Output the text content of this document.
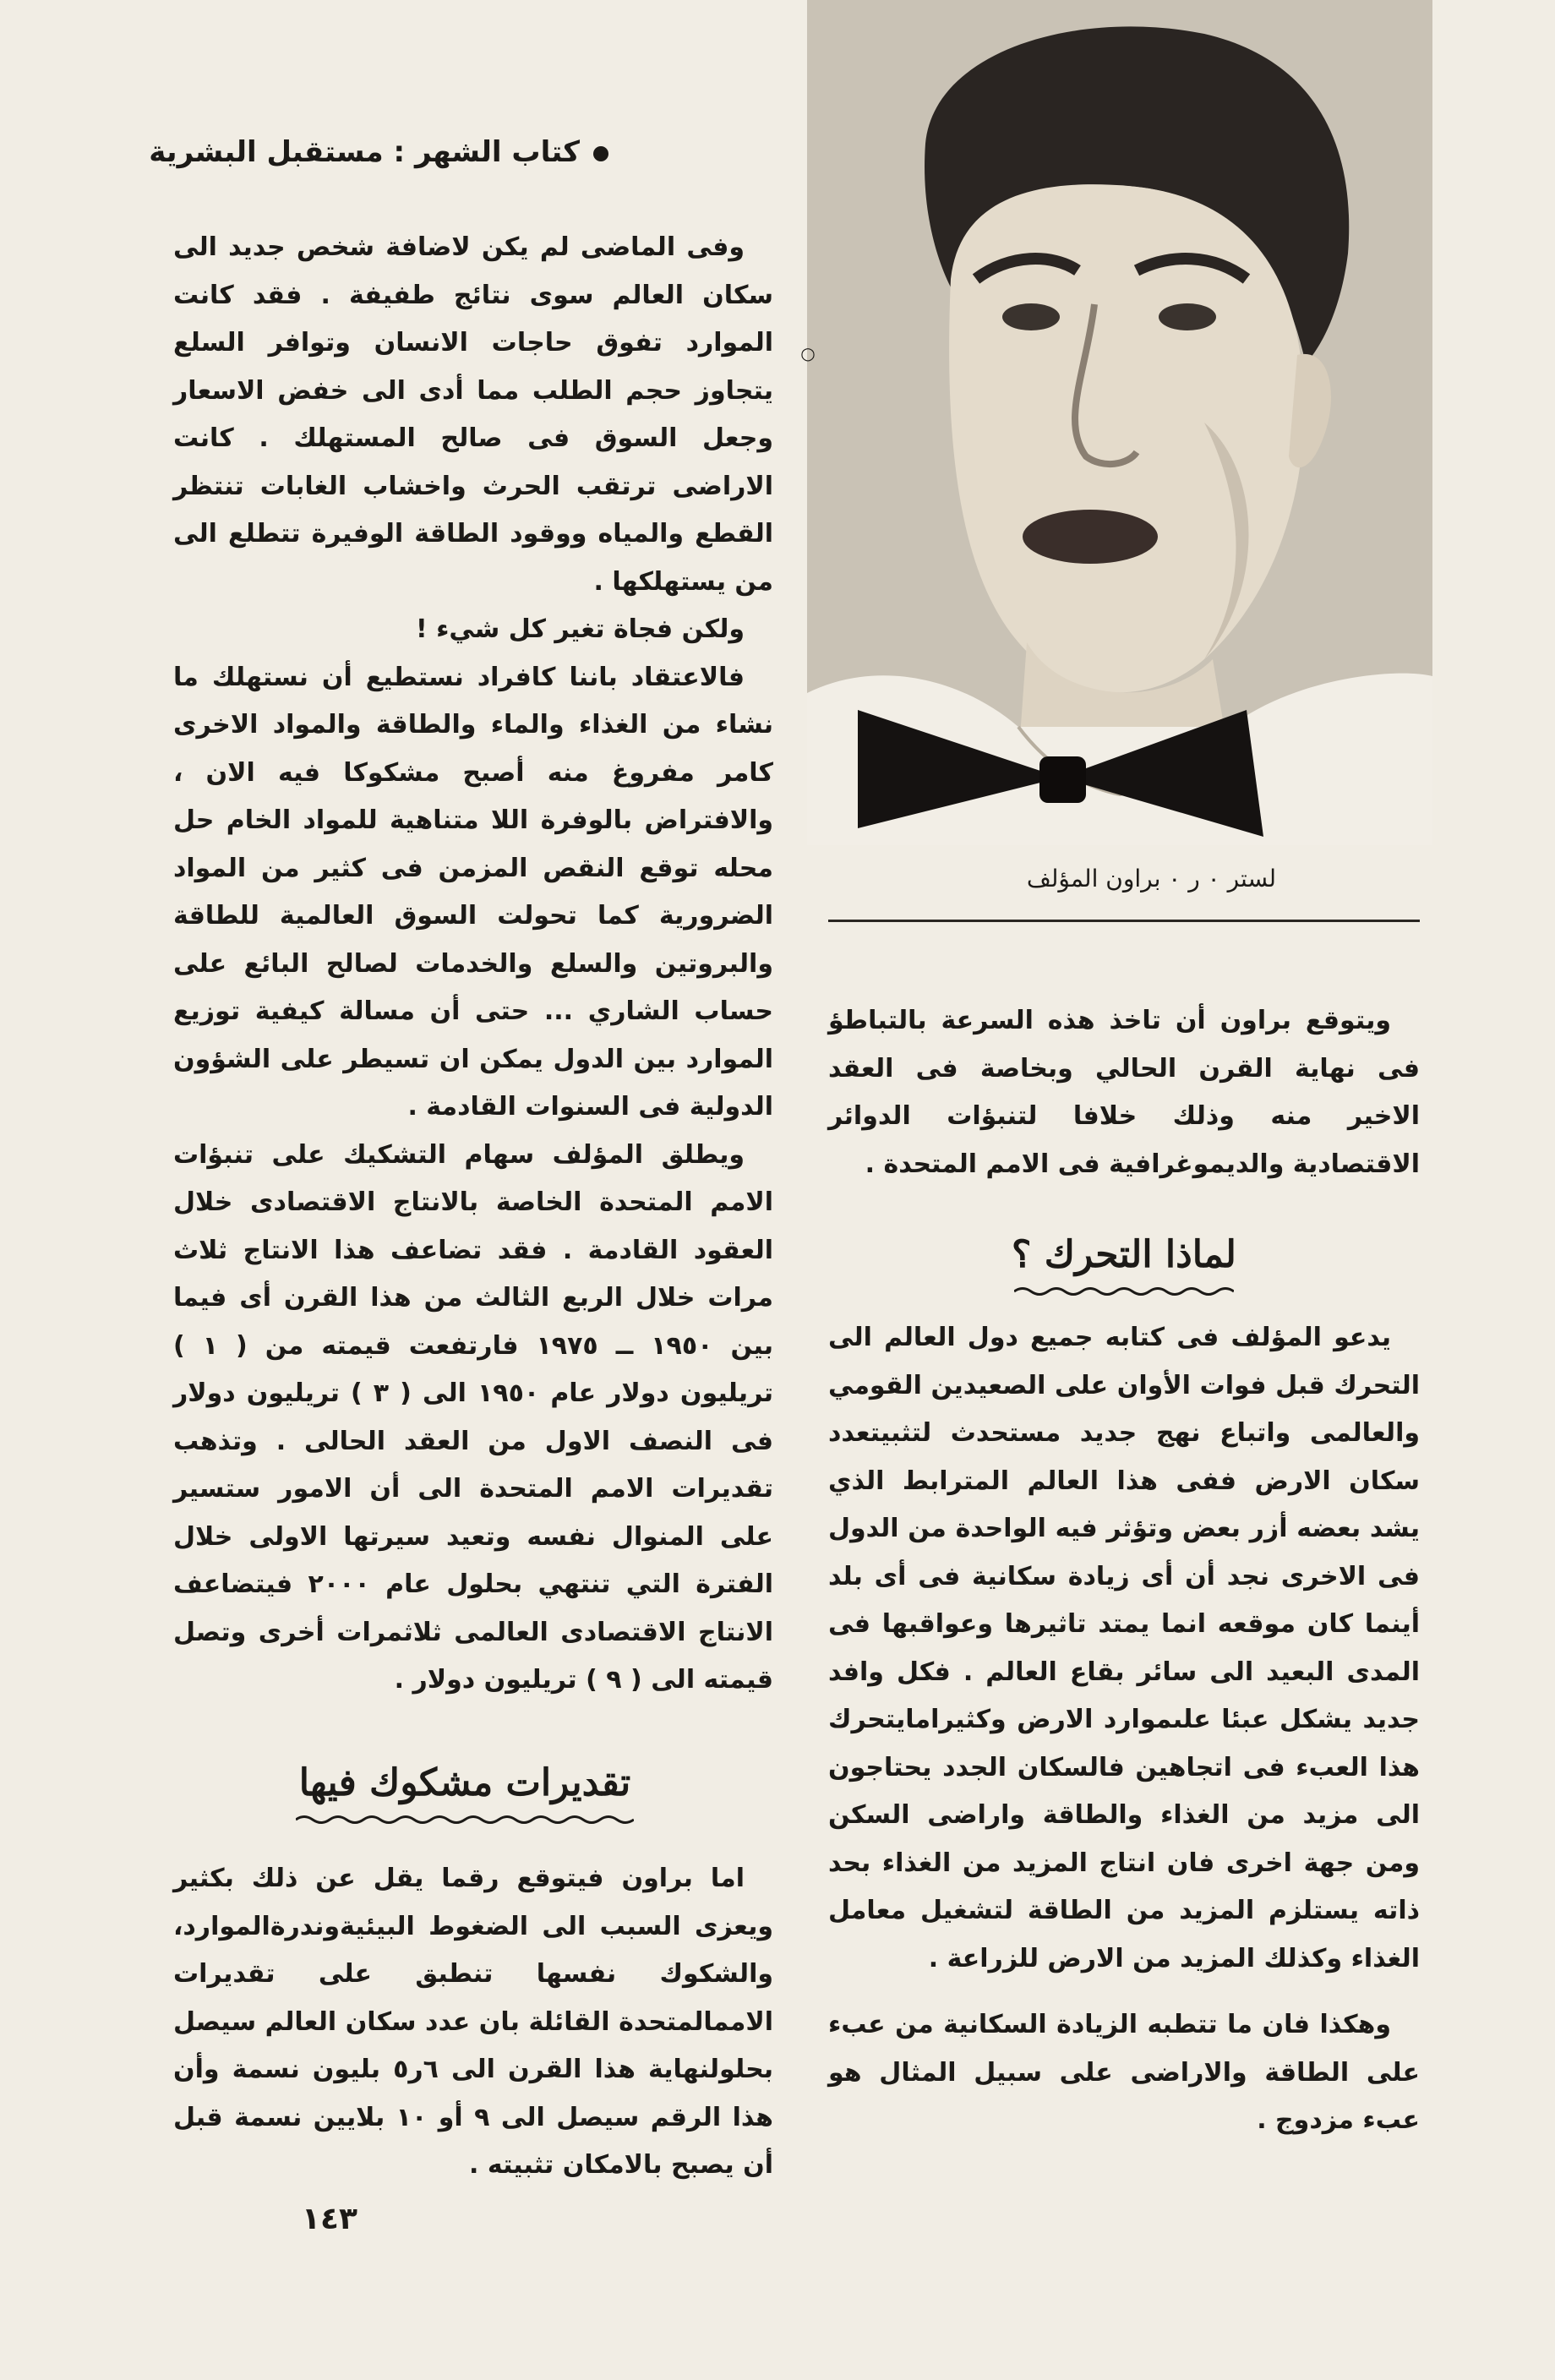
○
لستر ٠ ر ٠ براون المؤلف
كتاب الشهر : مستقبل البشرية

وفى الماضى لم يكن لاضافة شخص جديد الى سكان العالم سوى نتائج طفيفة . فقد كانت الموارد تفوق حاجات الانسان وتوافر السلع يتجاوز حجم الطلب مما أدى الى خفض الاسعار وجعل السوق فى صالح المستهلك . كانت الاراضى ترتقب الحرث واخشاب الغابات تنتظر القطع والمياه ووقود الطاقة الوفيرة تتطلع الى من يستهلكها .

ولكن فجاة تغير كل شيء !

فالاعتقاد باننا كافراد نستطيع أن نستهلك ما نشاء من الغذاء والماء والطاقة والمواد الاخرى كامر مفروغ منه أصبح مشكوكا فيه الان ، والافتراض بالوفرة اللا متناهية للمواد الخام حل محله توقع النقص المزمن فى كثير من المواد الضرورية كما تحولت السوق العالمية للطاقة والبروتين والسلع والخدمات لصالح البائع على حساب الشاري ... حتى أن مسالة كيفية توزيع الموارد بين الدول يمكن ان تسيطر على الشؤون الدولية فى السنوات القادمة .

ويطلق المؤلف سهام التشكيك على تنبؤات الامم المتحدة الخاصة بالانتاج الاقتصادى خلال العقود القادمة . فقد تضاعف هذا الانتاج ثلاث مرات خلال الربع الثالث من هذا القرن أى فيما بين ١٩٥٠ ــ ١٩٧٥ فارتفعت قيمته من ( ١ ) تريليون دولار عام ١٩٥٠ الى ( ٣ ) تريليون دولار فى النصف الاول من العقد الحالى . وتذهب تقديرات الامم المتحدة الى أن الامور ستسير على المنوال نفسه وتعيد سيرتها الاولى خلال الفترة التي تنتهي بحلول عام ٢٠٠٠ فيتضاعف الانتاج الاقتصادى العالمى ثلاثمرات أخرى وتصل قيمته الى ( ٩ ) تريليون دولار .

تقديرات مشكوك فيها

اما براون فيتوقع رقما يقل عن ذلك بكثير ويعزى السبب الى الضغوط البيئيةوندرةالموارد، والشكوك نفسها تنطبق على تقديرات الاممالمتحدة القائلة بان عدد سكان العالم سيصل بحلولنهاية هذا القرن الى ٦ر٥ بليون نسمة وأن هذا الرقم سيصل الى ٩ أو ١٠ بلايين نسمة قبل أن يصبح بالامكان تثبيته .

ويتوقع براون أن تاخذ هذه السرعة بالتباطؤ فى نهاية القرن الحالي وبخاصة فى العقد الاخير منه وذلك خلافا لتنبؤات الدوائر الاقتصادية والديموغرافية فى الامم المتحدة .

لماذا التحرك ؟

يدعو المؤلف فى كتابه جميع دول العالم الى التحرك قبل فوات الأوان على الصعيدين القومي والعالمى واتباع نهج جديد مستحدث لتثبيتعدد سكان الارض ففى هذا العالم المترابط الذي يشد بعضه أزر بعض وتؤثر فيه الواحدة من الدول فى الاخرى نجد أن أى زيادة سكانية فى أى بلد أينما كان موقعه انما يمتد تاثيرها وعواقبها فى المدى البعيد الى سائر بقاع العالم . فكل وافد جديد يشكل عبئا علىموارد الارض وكثيرامايتحرك هذا العبء فى اتجاهين فالسكان الجدد يحتاجون الى مزيد من الغذاء والطاقة واراضى السكن ومن جهة اخرى فان انتاج المزيد من الغذاء بحد ذاته يستلزم المزيد من الطاقة لتشغيل معامل الغذاء وكذلك المزيد من الارض للزراعة .

وهكذا فان ما تتطبه الزيادة السكانية من عبء على الطاقة والاراضى على سبيل المثال هو عبء مزدوج .

١٤٣
